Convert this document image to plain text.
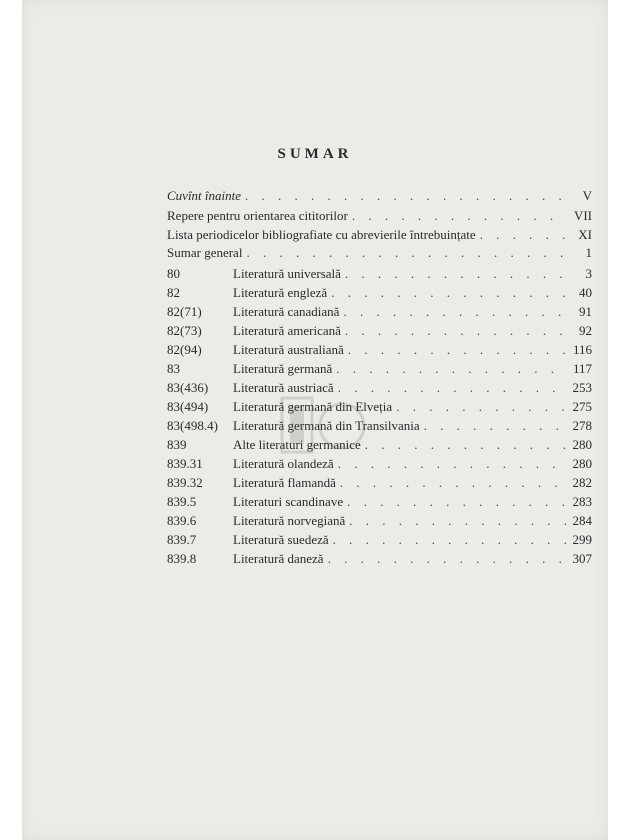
SUMAR
Cuvînt înainte . . .	V
Repere pentru orientarea cititorilor . . .	VII
Lista periodicelor bibliografiate cu abrevierile întrebuințate . . .	XI
Sumar general . . .	1
80	Literatură universală . . .	3
82	Literatură engleză . . .	40
82(71)	Literatură canadiană . . .	91
82(73)	Literatură americană . . .	92
82(94)	Literatură australiană . . .	116
83	Literatură germană . . .	117
83(436)	Literatură austriacă . . .	253
83(494)	Literatură germană din Elveția . . .	275
83(498.4)	Literatură germană din Transilvania . . .	278
839	Alte literaturi germanice . . .	280
839.31	Literatură olandeză . . .	280
839.32	Literatură flamandă . . .	282
839.5	Literaturi scandinave . . .	283
839.6	Literatură norvegiană . . .	284
839.7	Literatură suedeză . . .	299
839.8	Literatură daneză . . .	307
